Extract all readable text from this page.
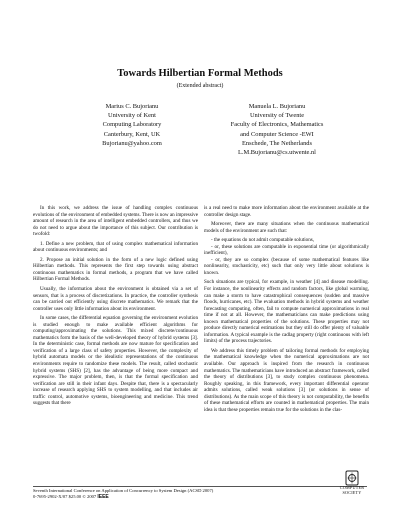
Towards Hilbertian Formal Methods
(Extended abstract)
Marius C. Bujorianu
University of Kent
Computing Laboratory
Canterbury, Kent, UK
Bujorianu@yahoo.com
Manuela L. Bujorianu
University of Twente
Faculty of Electronics, Mathematics
and Computer Science -EWI
Enschede, The Netherlands
L.M.Bujorianu@cs.utwente.nl

In this work, we address the issue of handling complex continuous evolutions of the environment of embedded systems. There is now an impressive amount of research in the area of intelligent embedded controllers, and thus we do not need to argue about the importance of this subject. Our contribution is twofold:

1. Define a new problem, that of using complex mathematical information about continuous environments; and

2. Propose an initial solution in the form of a new logic defined using Hilbertian methods. This represents the first step towards using abstract continuous mathematics in formal methods, a program that we have called Hilbertian Formal Methods.

Usually, the information about the environment is obtained via a set of sensors, that is a process of discretizations. In practice, the controller synthesis can be carried out efficiently using discrete mathematics. We remark that the controller uses only little information about its environment.

In some cases, the differential equation governing the environment evolution is studied enough to make available efficient algorithms for computing/approximating the solutions. This mixed discrete/continuous mathematics form the basis of the well-developed theory of hybrid systems [3]. In the deterministic case, formal methods are now mature for specification and verification of a large class of safety properties. However, the complexity of hybrid automata models or the idealistic representations of the continuous environments require to randomize these models. The result, called stochastic hybrid systems (SHS) [2], has the advantage of being more compact and expressive. The major problem, then, is that the formal specification and verification are still in their infant days. Despite that, there is a spectacularly increase of research applying SHS to system modelling, and that includes air traffic control, automotive systems, bioengineering and medicine. This trend suggests that there

is a real need to make more information about the environment available at the controller design stage.

Moreover, there are many situations when the continuous mathematical models of the environment are such that:

- the equations do not admit computable solutions,

- or, these solutions are computable in exponential time (or algorithmically inefficient),

- or, they are so complex (because of some mathematical features like nonlinearity, stochasticity, etc) such that only very little about solutions is known.

Such situations are typical, for example, in weather [4] and disease modelling. For instance, the nonlinearity effects and random factors, like global warming, can make a storm to have catastrophical consequences (sudden and massive floods, hurricanes, etc). The evaluation methods in hybrid systems and weather forecasting computing, often, fail to compute numerical approximations in real time if not at all. However, the mathematicians can make predictions using known mathematical properties of the solutions. These properties may not produce directly numerical estimations but they still do offer plenty of valuable information. A typical example is the cadlag property (right continuous with left limits) of the process trajectories.

We address this timely problem of tailoring formal methods for employing the mathematical knowledge when the numerical approximations are not available. Our approach is inspired from the research in continuous mathematics. The mathematicians have introduced an abstract framework, called the theory of distributions [3], to study complex continuous phenomena. Roughly speaking, in this framework, every important differential operator admits solutions, called weak solutions [3] (or solutions in sense of distributions). As the main scope of this theory is not computability, the benefits of these mathematical efforts are counted in mathematical properties. The main idea is that these properties remain true for the solutions in the clas-

Seventh International Conference on Application of Concurrency to System Design (ACSD 2007)
0-7695-2902-X/07 $25.00 © 2007 IEEE
COMPUTER
SOCIETY
